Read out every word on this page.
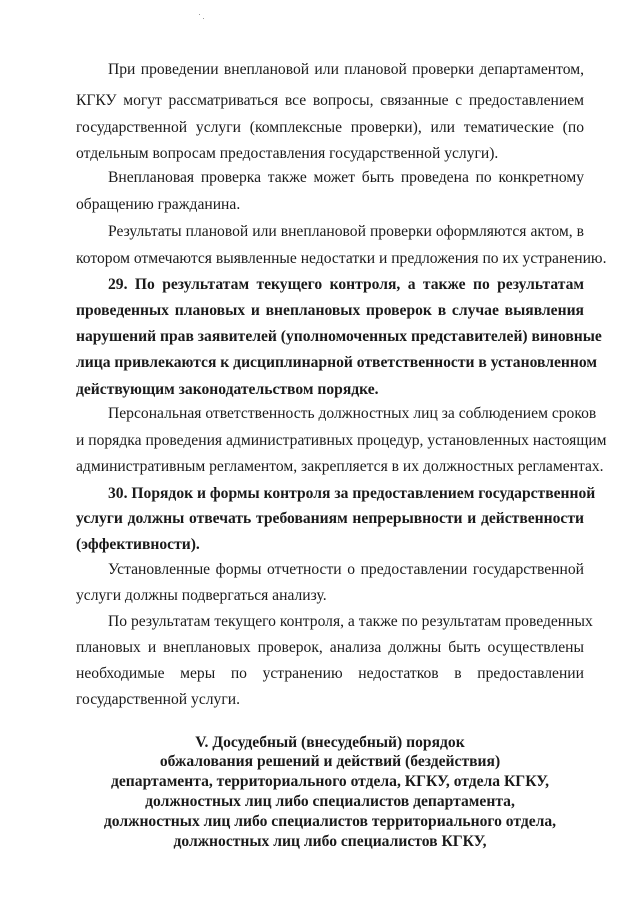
При проведении внеплановой или плановой проверки департаментом,
КГКУ могут рассматриваться все вопросы, связанные с предоставлением
государственной услуги (комплексные проверки), или тематические (по
отдельным вопросам предоставления государственной услуги).
Внеплановая проверка также может быть проведена по конкретному
обращению гражданина.
Результаты плановой или внеплановой проверки оформляются актом, в
котором отмечаются выявленные недостатки и предложения по их устранению.
29. По результатам текущего контроля, а также по результатам
проведенных плановых и внеплановых проверок в случае выявления
нарушений прав заявителей (уполномоченных представителей) виновные
лица привлекаются к дисциплинарной ответственности в установленном
действующим законодательством порядке.
Персональная ответственность должностных лиц за соблюдением сроков
и порядка проведения административных процедур, установленных настоящим
административным регламентом, закрепляется в их должностных регламентах.
30. Порядок и формы контроля за предоставлением государственной
услуги должны отвечать требованиям непрерывности и действенности
(эффективности).
Установленные формы отчетности о предоставлении государственной
услуги должны подвергаться анализу.
По результатам текущего контроля, а также по результатам проведенных
плановых и внеплановых проверок, анализа должны быть осуществлены
необходимые меры по устранению недостатков в предоставлении
государственной услуги.
V. Досудебный (внесудебный) порядок
обжалования решений и действий (бездействия)
департамента, территориального отдела, КГКУ, отдела КГКУ,
должностных лиц либо специалистов департамента,
должностных лиц либо специалистов территориального отдела,
должностных лиц либо специалистов КГКУ,
